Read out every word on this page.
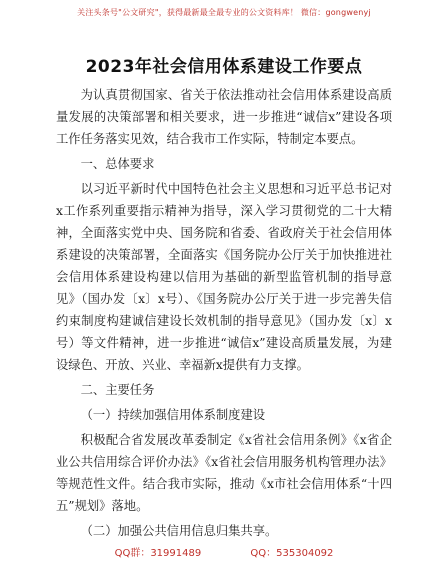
关注头条号"公文研究"，获得最新最全最专业的公文资料库！ 微信：gongwenyj
2023年社会信用体系建设工作要点

为认真贯彻国家、省关于依法推动社会信用体系建设高质量发展的决策部署和相关要求，进一步推进“诚信x”建设各项工作任务落实见效，结合我市工作实际，特制定本要点。

一、总体要求

以习近平新时代中国特色社会主义思想和习近平总书记对x工作系列重要指示精神为指导，深入学习贯彻党的二十大精神，全面落实党中央、国务院和省委、省政府关于社会信用体系建设的决策部署，全面落实《国务院办公厅关于加快推进社会信用体系建设构建以信用为基础的新型监管机制的指导意见》（国办发〔x〕x号）、《国务院办公厅关于进一步完善失信约束制度构建诚信建设长效机制的指导意见》（国办发〔x〕x号）等文件精神，进一步推进“诚信x”建设高质量发展，为建设绿色、开放、兴业、幸福新x提供有力支撑。

二、主要任务
（一）持续加强信用体系制度建设

积极配合省发展改革委制定《x省社会信用条例》《x省企业公共信用综合评价办法》《x省社会信用服务机构管理办法》等规范性文件。结合我市实际，推动《x市社会信用体系“十四五”规划》落地。

（二）加强公共信用信息归集共享。
QQ群：31991489	QQ：535304092
